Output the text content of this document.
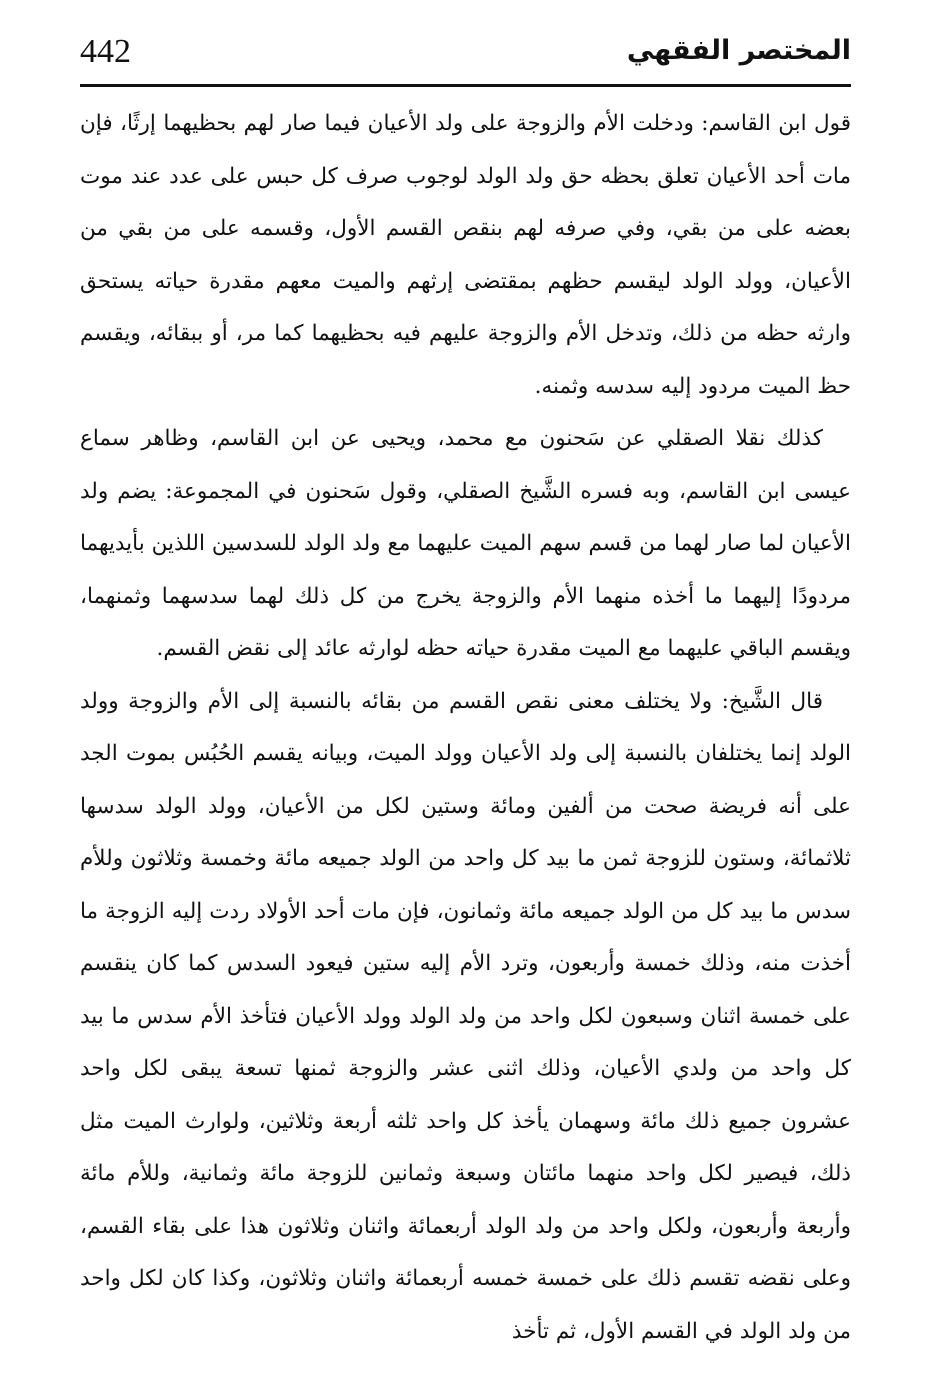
442	المختصر الفقهي

قول ابن القاسم: ودخلت الأم والزوجة على ولد الأعيان فيما صار لهم بحظيهما إرثًا، فإن مات أحد الأعيان تعلق بحظه حق ولد الولد لوجوب صرف كل حبس على عدد عند موت بعضه على من بقي، وفي صرفه لهم بنقص القسم الأول، وقسمه على من بقي من الأعيان، وولد الولد ليقسم حظهم بمقتضى إرثهم والميت معهم مقدرة حياته يستحق وارثه حظه من ذلك، وتدخل الأم والزوجة عليهم فيه بحظيهما كما مر، أو ببقائه، ويقسم حظ الميت مردود إليه سدسه وثمنه.

كذلك نقلا الصقلي عن سَحنون مع محمد، ويحيى عن ابن القاسم، وظاهر سماع عيسى ابن القاسم، وبه فسره الشَّيخ الصقلي، وقول سَحنون في المجموعة: يضم ولد الأعيان لما صار لهما من قسم سهم الميت عليهما مع ولد الولد للسدسين اللذين بأيديهما مردودًا إليهما ما أخذه منهما الأم والزوجة يخرج من كل ذلك لهما سدسهما وثمنهما، ويقسم الباقي عليهما مع الميت مقدرة حياته حظه لوارثه عائد إلى نقض القسم.

قال الشَّيخ: ولا يختلف معنى نقص القسم من بقائه بالنسبة إلى الأم والزوجة وولد الولد إنما يختلفان بالنسبة إلى ولد الأعيان وولد الميت، وبيانه يقسم الحُبُس بموت الجد على أنه فريضة صحت من ألفين ومائة وستين لكل من الأعيان، وولد الولد سدسها ثلاثمائة، وستون للزوجة ثمن ما بيد كل واحد من الولد جميعه مائة وخمسة وثلاثون وللأم سدس ما بيد كل من الولد جميعه مائة وثمانون، فإن مات أحد الأولاد ردت إليه الزوجة ما أخذت منه، وذلك خمسة وأربعون، وترد الأم إليه ستين فيعود السدس كما كان ينقسم على خمسة اثنان وسبعون لكل واحد من ولد الولد وولد الأعيان فتأخذ الأم سدس ما بيد كل واحد من ولدي الأعيان، وذلك اثنى عشر والزوجة ثمنها تسعة يبقى لكل واحد عشرون جميع ذلك مائة وسهمان يأخذ كل واحد ثلثه أربعة وثلاثين، ولوارث الميت مثل ذلك، فيصير لكل واحد منهما مائتان وسبعة وثمانين للزوجة مائة وثمانية، وللأم مائة وأربعة وأربعون، ولكل واحد من ولد الولد أربعمائة واثنان وثلاثون هذا على بقاء القسم، وعلى نقضه تقسم ذلك على خمسة خمسه أربعمائة واثنان وثلاثون، وكذا كان لكل واحد من ولد الولد في القسم الأول، ثم تأخذ
